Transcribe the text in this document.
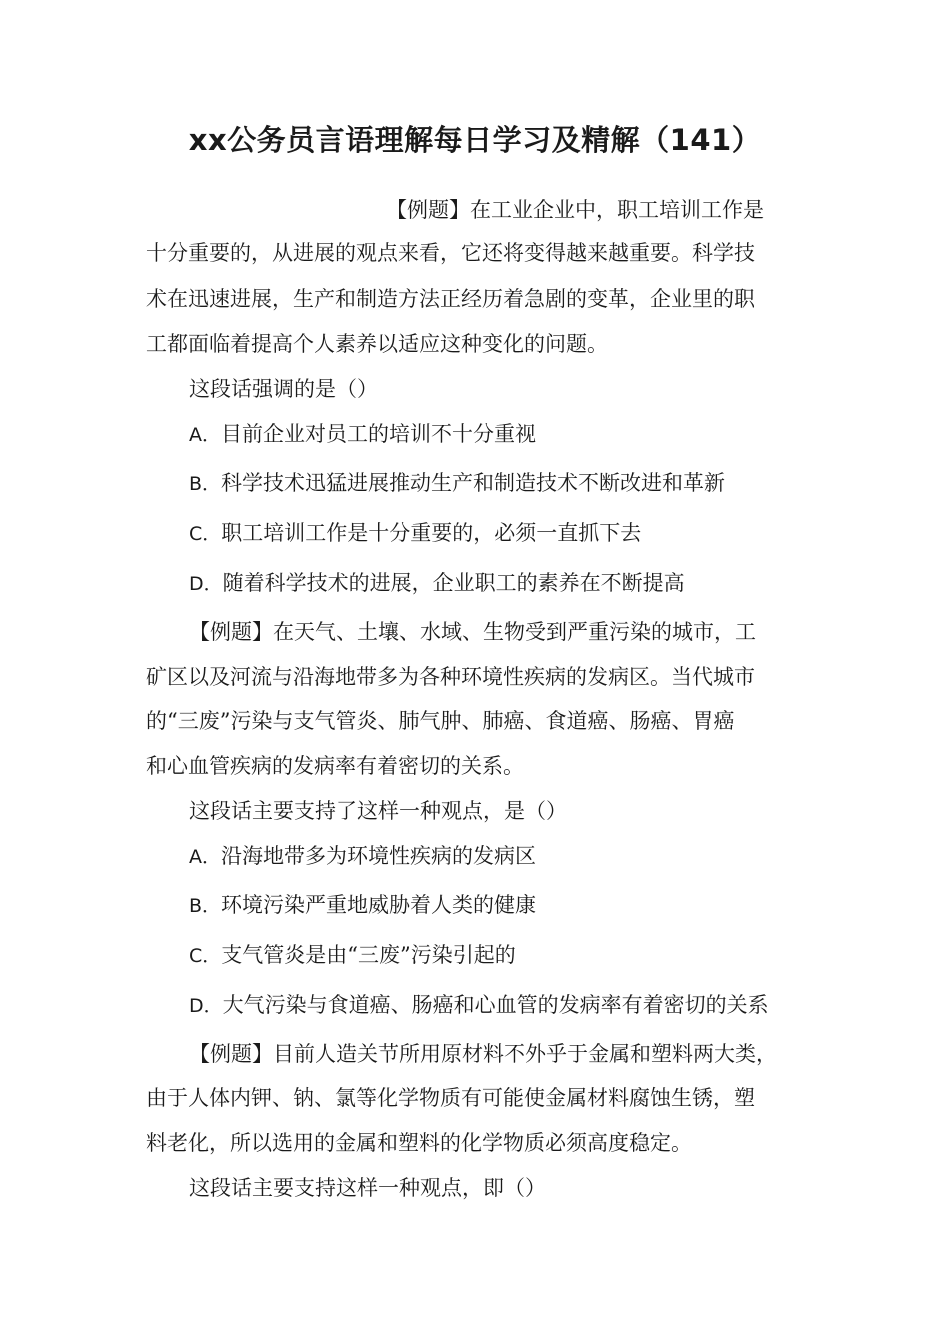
xx公务员言语理解每日学习及精解（141）
【例题】在工业企业中，职工培训工作是
十分重要的，从进展的观点来看，它还将变得越来越重要。科学技
术在迅速进展，生产和制造方法正经历着急剧的变革，企业里的职
工都面临着提高个人素养以适应这种变化的问题。
这段话强调的是（）
A．目前企业对员工的培训不十分重视
B．科学技术迅猛进展推动生产和制造技术不断改进和革新
C．职工培训工作是十分重要的，必须一直抓下去
D．随着科学技术的进展，企业职工的素养在不断提高
【例题】在天气、土壤、水域、生物受到严重污染的城市，工
矿区以及河流与沿海地带多为各种环境性疾病的发病区。当代城市
的“三废”污染与支气管炎、肺气肿、肺癌、食道癌、肠癌、胃癌
和心血管疾病的发病率有着密切的关系。
这段话主要支持了这样一种观点，是（）
A．沿海地带多为环境性疾病的发病区
B．环境污染严重地威胁着人类的健康
C．支气管炎是由“三废”污染引起的
D．大气污染与食道癌、肠癌和心血管的发病率有着密切的关系
【例题】目前人造关节所用原材料不外乎于金属和塑料两大类，
由于人体内钾、钠、氯等化学物质有可能使金属材料腐蚀生锈，塑
料老化，所以选用的金属和塑料的化学物质必须高度稳定。
这段话主要支持这样一种观点，即（）
